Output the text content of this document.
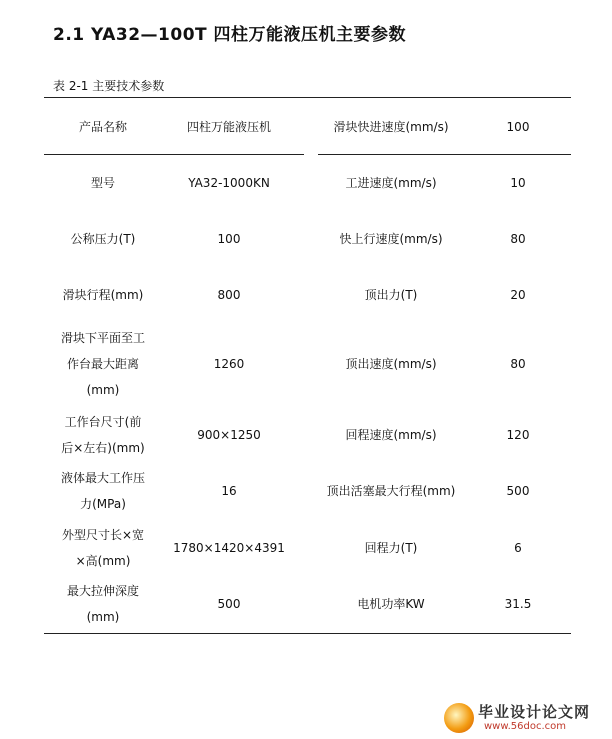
2.1 YA32—100T 四柱万能液压机主要参数
表 2-1 主要技术参数
产品名称	四柱万能液压机	滑块快进速度(mm/s)	100
型号	YA32-1000KN	工进速度(mm/s)	10
公称压力(T)	100	快上行速度(mm/s)	80
滑块行程(mm)	800	顶出力(T)	20
滑块下平面至工
作台最大距离
(mm)
1260	顶出速度(mm/s)	80
工作台尺寸(前
后×左右)(mm)
900×1250	回程速度(mm/s)	120
液体最大工作压
力(MPa)
16	顶出活塞最大行程(mm)	500
外型尺寸长×宽
×高(mm)
1780×1420×4391	回程力(T)	6
最大拉伸深度
(mm)
500	电机功率KW	31.5
毕业设计论文网
www.56doc.com
